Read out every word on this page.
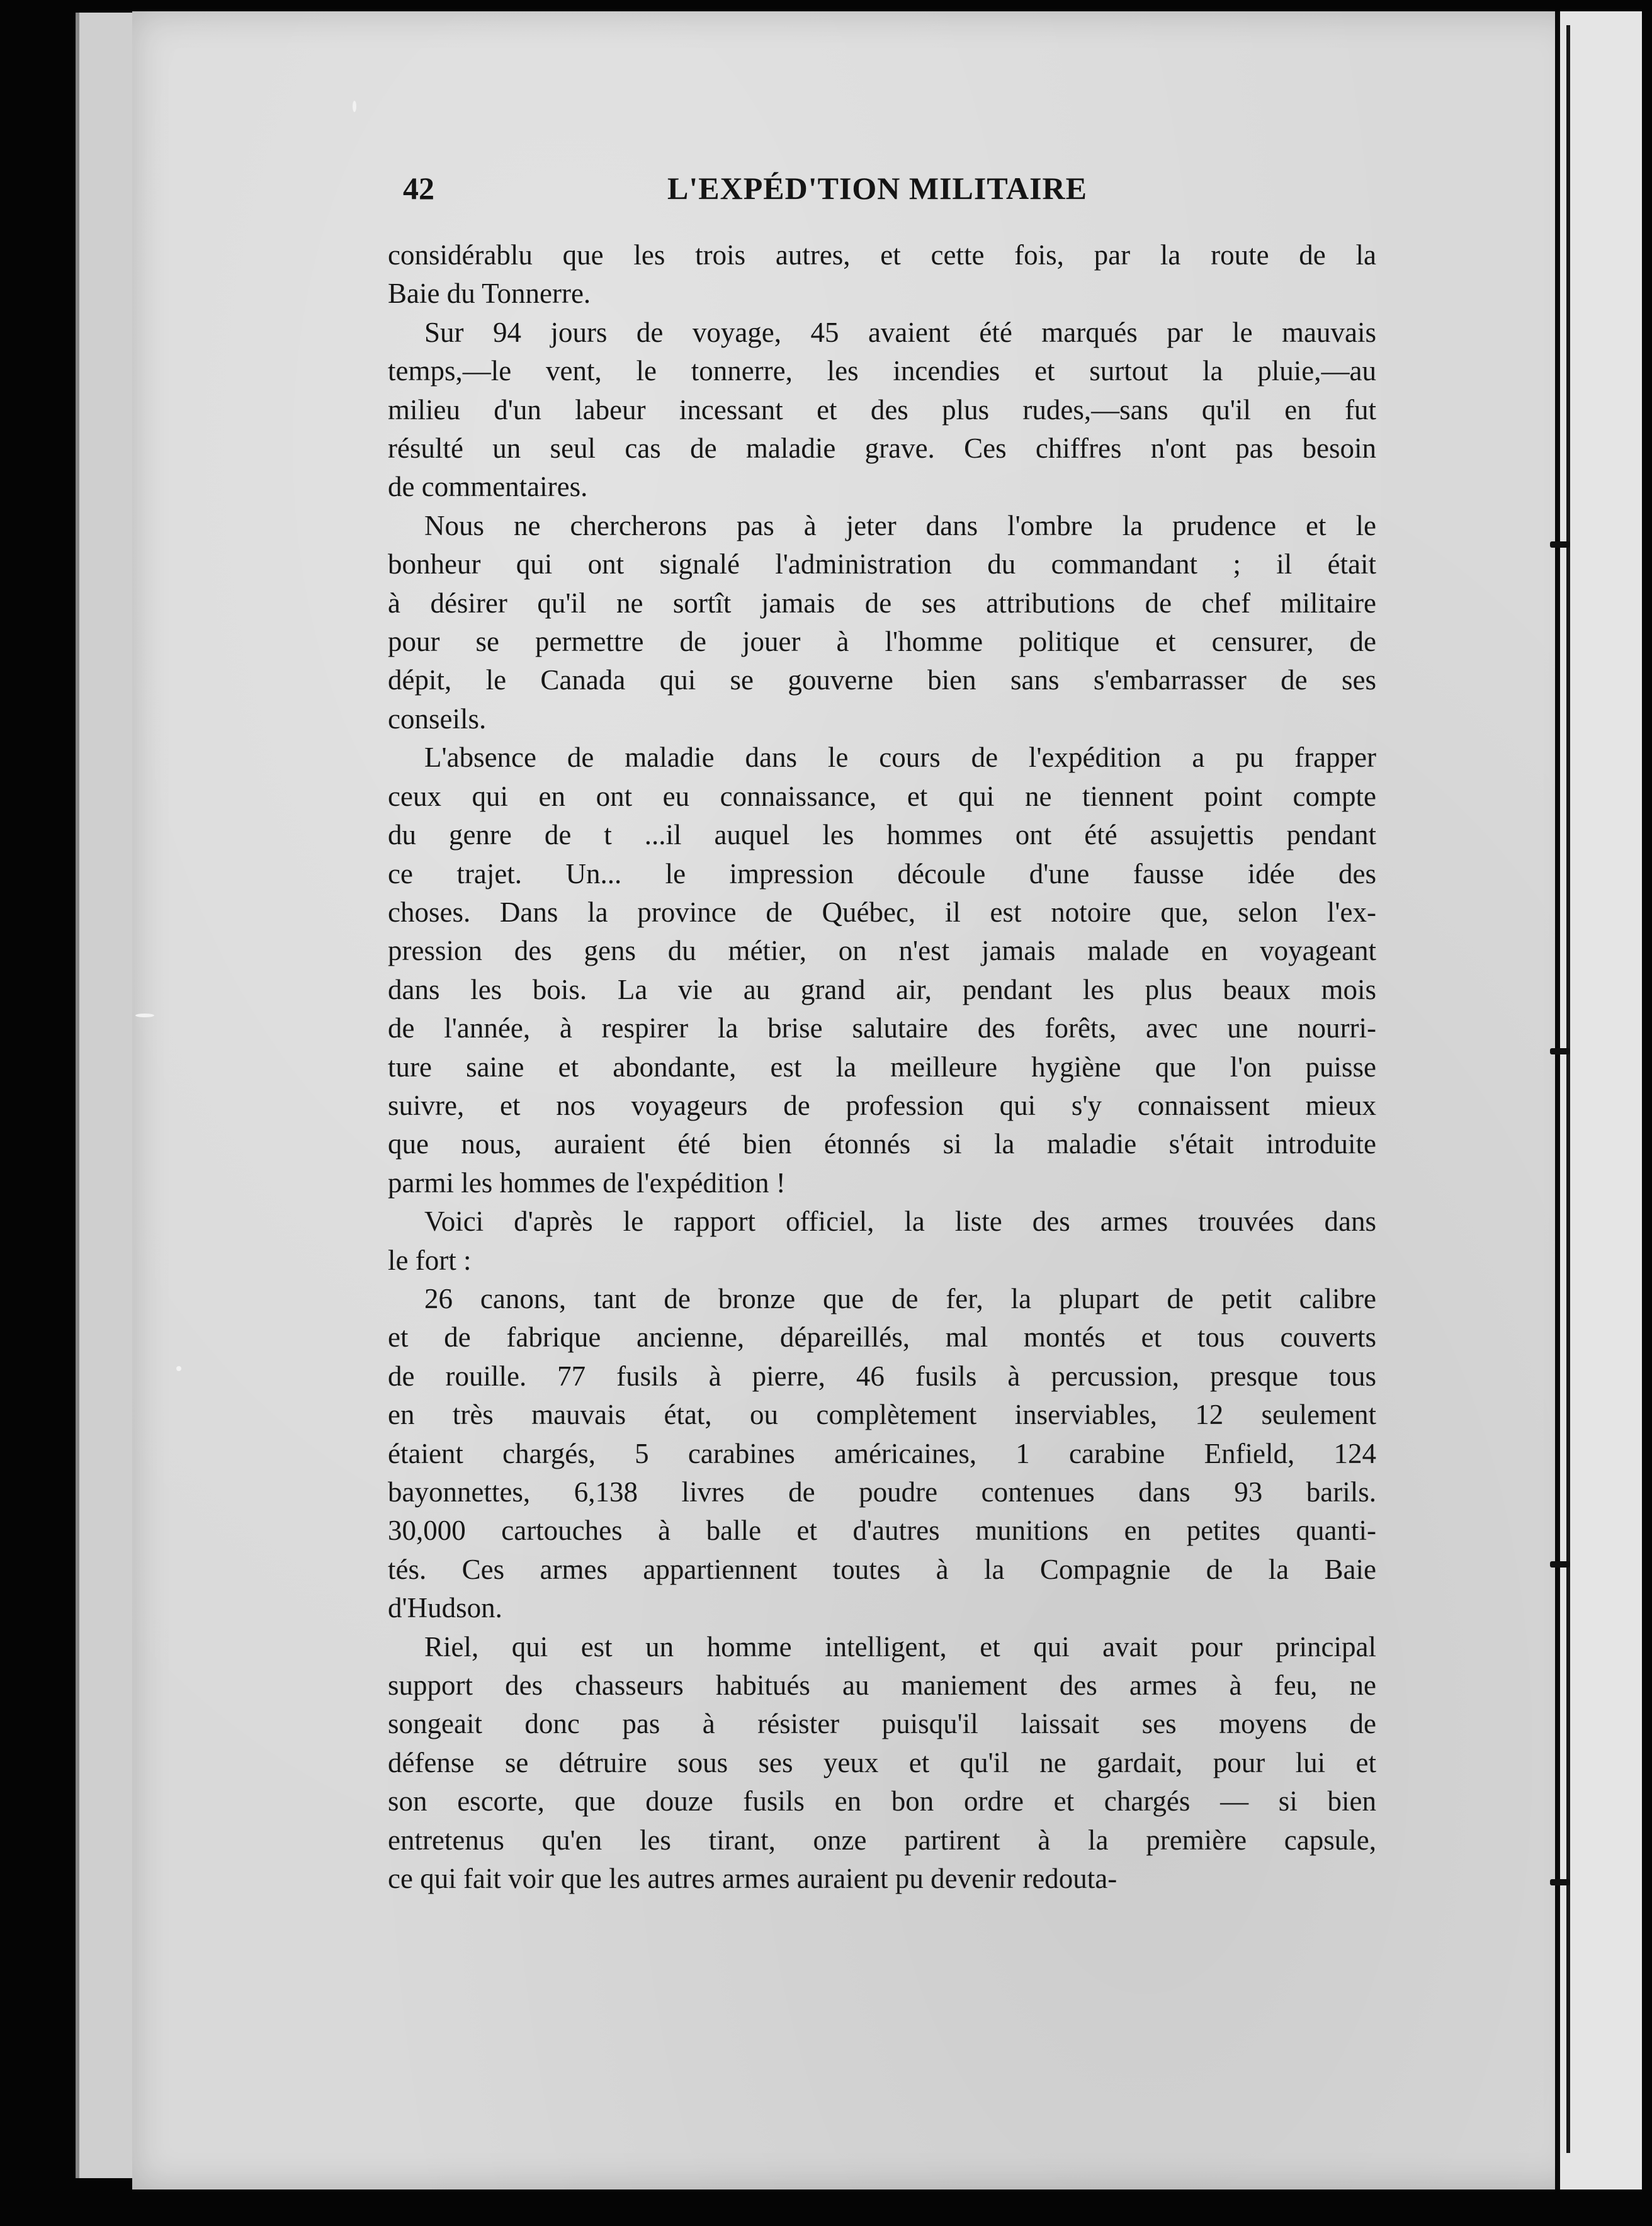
42	L'EXPÉD'TION MILITAIRE

considérablu que les trois autres, et cette fois, par la route de la
Baie du Tonnerre.

Sur 94 jours de voyage, 45 avaient été marqués par le mauvais
temps,—le vent, le tonnerre, les incendies et surtout la pluie,—au
milieu d'un labeur incessant et des plus rudes,—sans qu'il en fut
résulté un seul cas de maladie grave. Ces chiffres n'ont pas besoin
de commentaires.

Nous ne chercherons pas à jeter dans l'ombre la prudence et le
bonheur qui ont signalé l'administration du commandant ; il était
à désirer qu'il ne sortît jamais de ses attributions de chef militaire
pour se permettre de jouer à l'homme politique et censurer, de
dépit, le Canada qui se gouverne bien sans s'embarrasser de ses
conseils.

L'absence de maladie dans le cours de l'expédition a pu frapper
ceux qui en ont eu connaissance, et qui ne tiennent point compte
du genre de t ...il auquel les hommes ont été assujettis pendant
ce trajet. Un... le impression découle d'une fausse idée des
choses. Dans la province de Québec, il est notoire que, selon l'ex-
pression des gens du métier, on n'est jamais malade en voyageant
dans les bois. La vie au grand air, pendant les plus beaux mois
de l'année, à respirer la brise salutaire des forêts, avec une nourri-
ture saine et abondante, est la meilleure hygiène que l'on puisse
suivre, et nos voyageurs de profession qui s'y connaissent mieux
que nous, auraient été bien étonnés si la maladie s'était introduite
parmi les hommes de l'expédition !

Voici d'après le rapport officiel, la liste des armes trouvées dans
le fort :

26 canons, tant de bronze que de fer, la plupart de petit calibre
et de fabrique ancienne, dépareillés, mal montés et tous couverts
de rouille. 77 fusils à pierre, 46 fusils à percussion, presque tous
en très mauvais état, ou complètement inserviables, 12 seulement
étaient chargés, 5 carabines américaines, 1 carabine Enfield, 124
bayonnettes, 6,138 livres de poudre contenues dans 93 barils.
30,000 cartouches à balle et d'autres munitions en petites quanti-
tés. Ces armes appartiennent toutes à la Compagnie de la Baie
d'Hudson.

Riel, qui est un homme intelligent, et qui avait pour principal
support des chasseurs habitués au maniement des armes à feu, ne
songeait donc pas à résister puisqu'il laissait ses moyens de
défense se détruire sous ses yeux et qu'il ne gardait, pour lui et
son escorte, que douze fusils en bon ordre et chargés — si bien
entretenus qu'en les tirant, onze partirent à la première capsule,
ce qui fait voir que les autres armes auraient pu devenir redouta-
